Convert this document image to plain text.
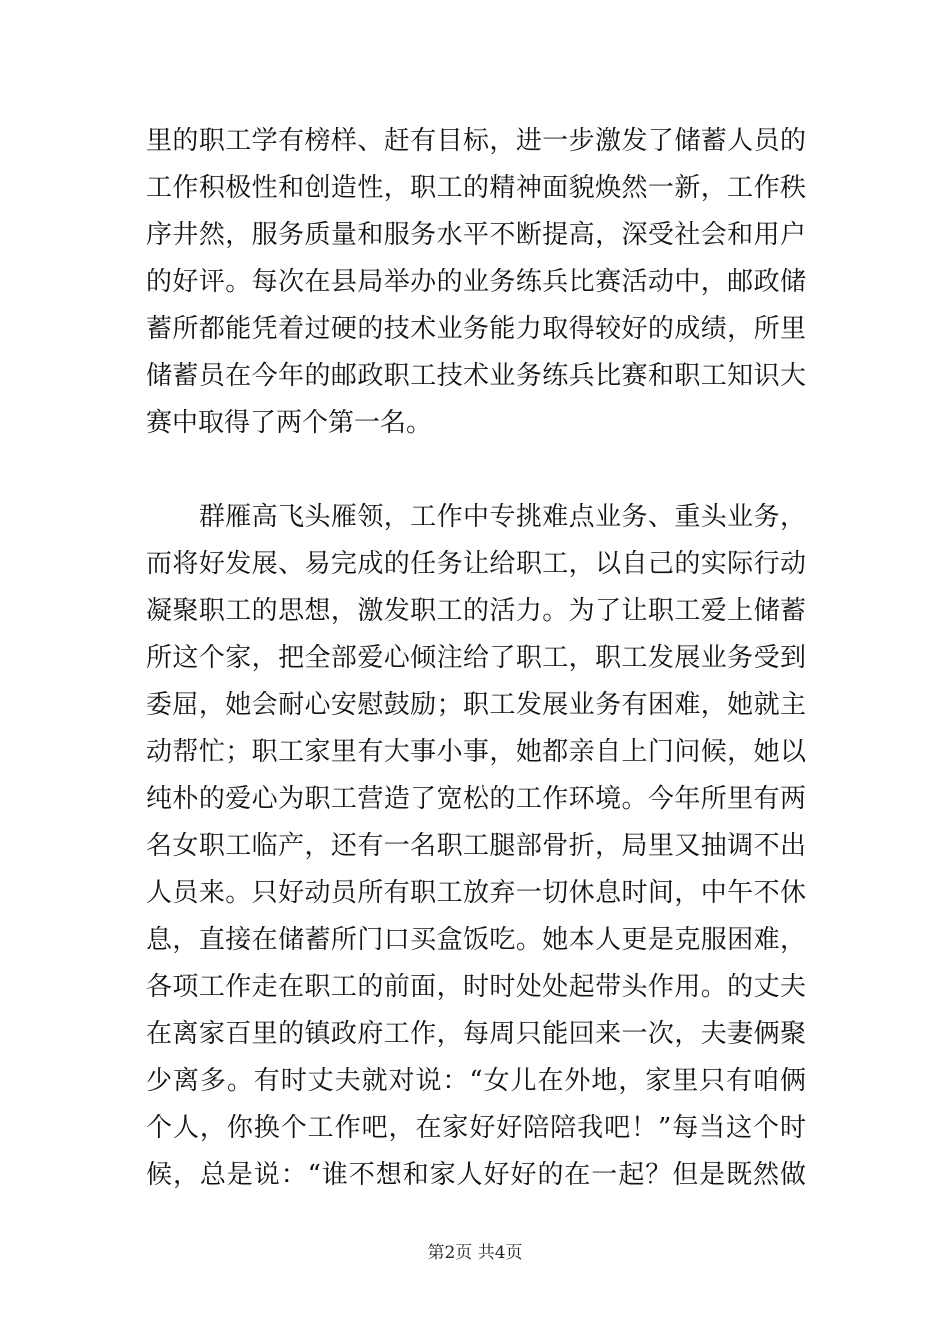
里的职工学有榜样、赶有目标，进一步激发了储蓄人员的
工作积极性和创造性，职工的精神面貌焕然一新，工作秩
序井然，服务质量和服务水平不断提高，深受社会和用户
的好评。每次在县局举办的业务练兵比赛活动中，邮政储
蓄所都能凭着过硬的技术业务能力取得较好的成绩，所里
储蓄员在今年的邮政职工技术业务练兵比赛和职工知识大
赛中取得了两个第一名。
　　群雁高飞头雁领，工作中专挑难点业务、重头业务，
而将好发展、易完成的任务让给职工，以自己的实际行动
凝聚职工的思想，激发职工的活力。为了让职工爱上储蓄
所这个家，把全部爱心倾注给了职工，职工发展业务受到
委屈，她会耐心安慰鼓励；职工发展业务有困难，她就主
动帮忙；职工家里有大事小事，她都亲自上门问候，她以
纯朴的爱心为职工营造了宽松的工作环境。今年所里有两
名女职工临产，还有一名职工腿部骨折，局里又抽调不出
人员来。只好动员所有职工放弃一切休息时间，中午不休
息，直接在储蓄所门口买盒饭吃。她本人更是克服困难，
各项工作走在职工的前面，时时处处起带头作用。的丈夫
在离家百里的镇政府工作，每周只能回来一次，夫妻俩聚
少离多。有时丈夫就对说：“女儿在外地，家里只有咱俩
个人，你换个工作吧，在家好好陪陪我吧！”每当这个时
候，总是说：“谁不想和家人好好的在一起？但是既然做
第2页 共4页
